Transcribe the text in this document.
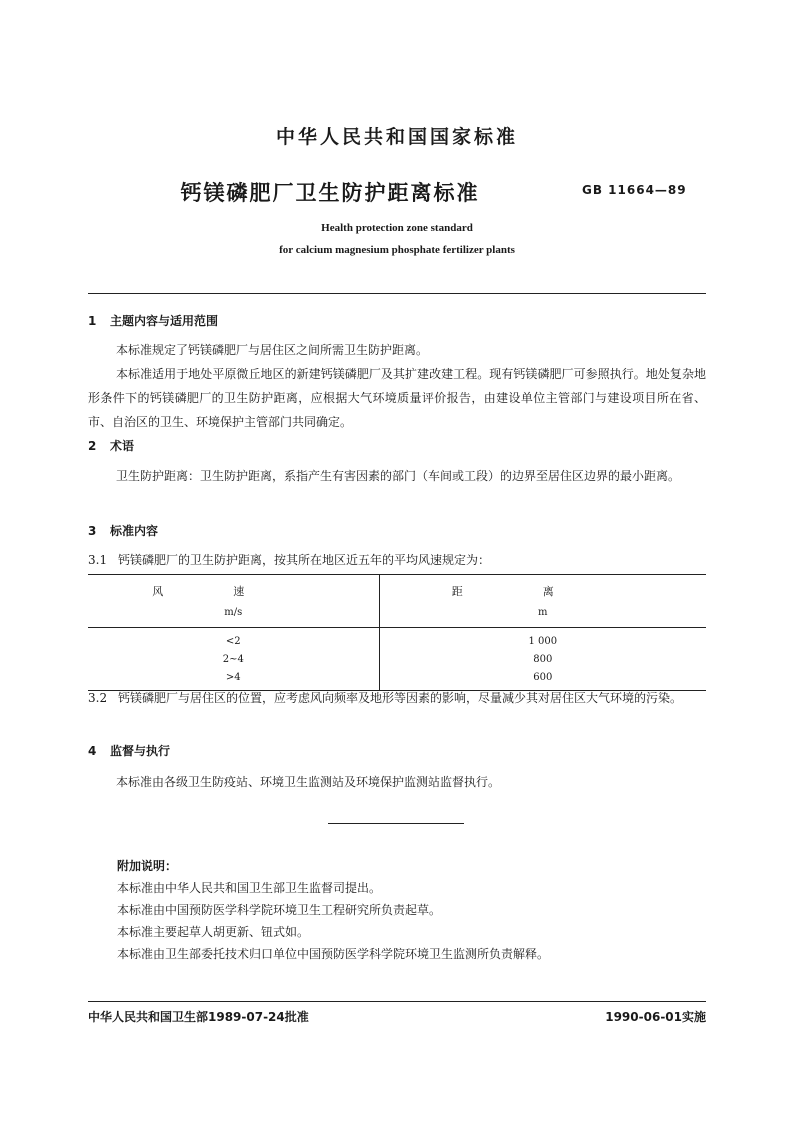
中华人民共和国国家标准
钙镁磷肥厂卫生防护距离标准	GB 11664—89
Health protection zone standard
for calcium magnesium phosphate fertilizer plants
1 主题内容与适用范围
本标准规定了钙镁磷肥厂与居住区之间所需卫生防护距离。
本标准适用于地处平原微丘地区的新建钙镁磷肥厂及其扩建改建工程。现有钙镁磷肥厂可参照执行。地处复杂地形条件下的钙镁磷肥厂的卫生防护距离，应根据大气环境质量评价报告，由建设单位主管部门与建设项目所在省、市、自治区的卫生、环境保护主管部门共同确定。
2 术语
卫生防护距离：卫生防护距离，系指产生有害因素的部门（车间或工段）的边界至居住区边界的最小距离。
3 标准内容
3.1 钙镁磷肥厂的卫生防护距离，按其所在地区近五年的平均风速规定为：
风速	距离
m/s	m
<2	1 000
2~4	800
>4	600
3.2 钙镁磷肥厂与居住区的位置，应考虑风向频率及地形等因素的影响，尽量减少其对居住区大气环境的污染。
4 监督与执行
本标准由各级卫生防疫站、环境卫生监测站及环境保护监测站监督执行。
附加说明：
本标准由中华人民共和国卫生部卫生监督司提出。
本标准由中国预防医学科学院环境卫生工程研究所负责起草。
本标准主要起草人胡更新、钮式如。
本标准由卫生部委托技术归口单位中国预防医学科学院环境卫生监测所负责解释。
中华人民共和国卫生部1989-07-24批准	1990-06-01实施
